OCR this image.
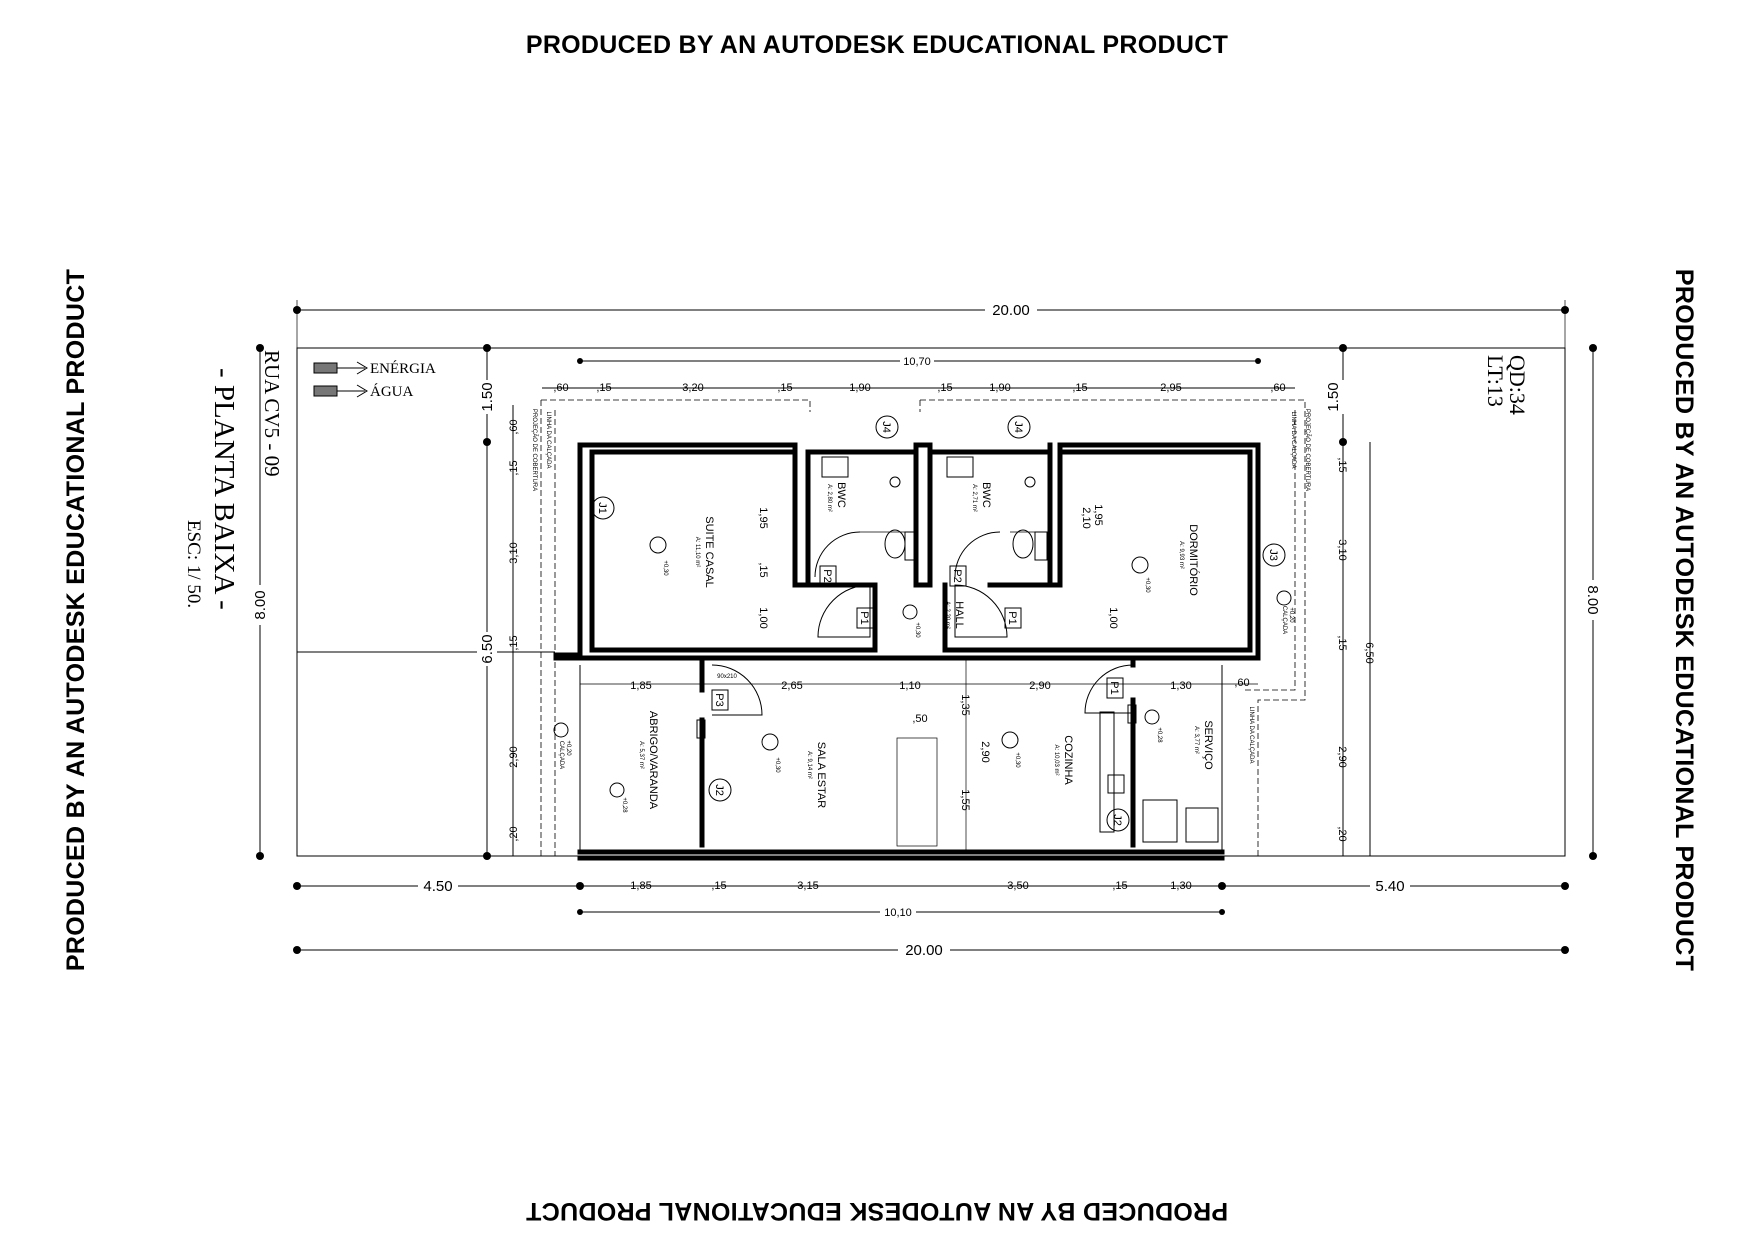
PRODUCED BY AN AUTODESK EDUCATIONAL PRODUCT
PRODUCED BY AN AUTODESK EDUCATIONAL PRODUCT
PRODUCED BY AN AUTODESK EDUCATIONAL PRODUCT	PRODUCED BY AN AUTODESK EDUCATIONAL PRODUCT
20.00
20.00
4.50	5.40
1,85	,15	3,15	3,50	,15	1,30
10,10
8.00	8.00
1.50
6.50
1.50
10,70
,60	,15	3,20	,15	1,90	,15	1,90	,15	2,95	,60
,60
,15
3,10
,15
2,90
,20
,15
3,10
,15
2,90
,20
6,50
LINHA DA CALÇADA
PROJEÇÃO DE COBERTURA	LINHA DA CALÇADA PROJEÇÃO DE COBERTURA
LINHA DA CALÇADA
J1
J2
J2
J3
J4	J4
P1	P1
P1
P2	P2
P3
SUITE CASAL
A: 11,10 m²
+0,30
BWC
A: 2,80 m²	BWC
A: 2,71 m²
HALL
A: 2,20 m²
+0,30
DORMITÓRIO
A: 9,93 m²
+0,30
ABRIGO/VARANDA
A: 5,37 m²
+0,28	SALA ESTAR
A: 9,14 m²
+0,30	COZINHA
A: 10,03 m²
+0,30	SERVIÇO
A: 3,77 m²
+0,28
+0,20
CALÇADA
+0,20
CALÇADA
1,95
,15
1,00
2,10 1,95
1,00
1,85	2,65	1,10	2,90	1,30	,60
,50
1,35
2,90
1,55
90x210
ENÉRGIA
ÁGUA
RUA CV5 - 09
- PLANTA BAIXA -
ESC: 1/ 50.
QD:34
LT:13
